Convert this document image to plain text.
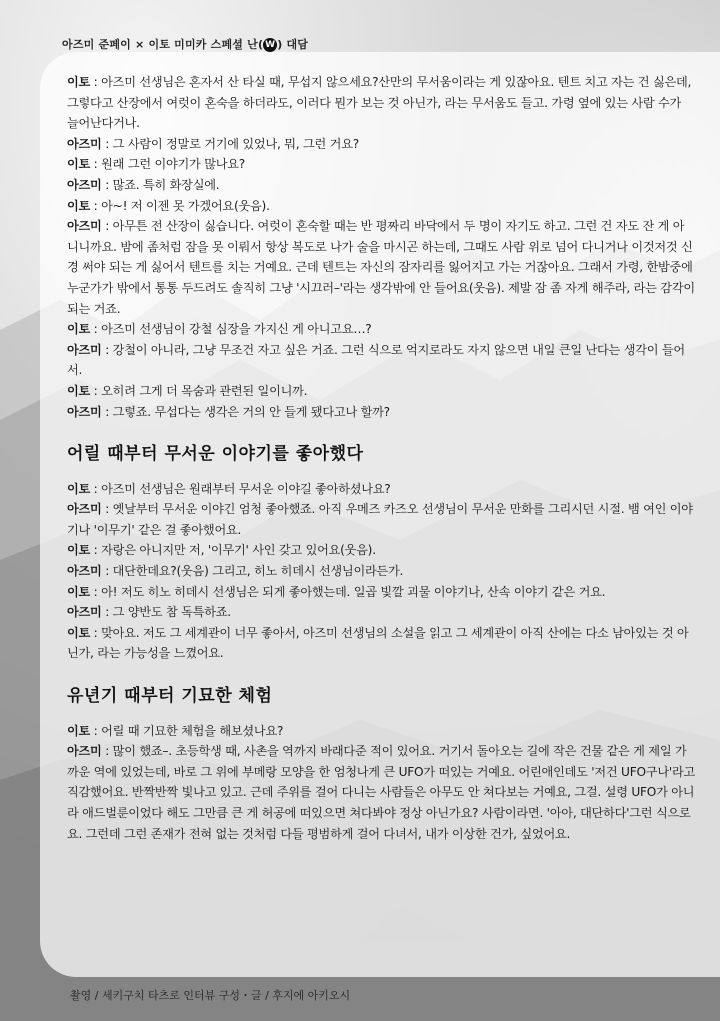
아즈미 준페이 × 이토 미미카 스페셜 난( W ) 대담

이토 : 아즈미 선생님은 혼자서 산 타실 때, 무섭지 않으세요?산만의 무서움이라는 게 있잖아요. 텐트 치고 자는 건 싫은데, 그렇다고 산장에서 여럿이 혼숙을 하더라도, 이러다 뭔가 보는 것 아닌가, 라는 무서움도 들고. 가령 옆에 있는 사람 수가 늘어난다거나.

아즈미 : 그 사람이 정말로 거기에 있었나, 뭐, 그런 거요?

이토 : 원래 그런 이야기가 많나요?

아즈미 : 많죠. 특히 화장실에.

이토 : 아~! 저 이젠 못 가겠어요(웃음).

아즈미 : 아무튼 전 산장이 싫습니다. 여럿이 혼숙할 때는 반 평짜리 바닥에서 두 명이 자기도 하고. 그런 건 자도 잔 게 아니니까요. 밤에 좀처럼 잠을 못 이뤄서 항상 복도로 나가 술을 마시곤 하는데, 그때도 사람 위로 넘어 다니거나 이것저것 신경 써야 되는 게 싫어서 텐트를 치는 거예요. 근데 텐트는 자신의 잠자리를 잃어지고 가는 거잖아요. 그래서 가령, 한밤중에 누군가가 밖에서 통통 두드려도 솔직히 그냥 '시끄러–'라는 생각밖에 안 들어요(웃음). 제발 잠 좀 자게 해주라, 라는 감각이 되는 거죠.

이토 : 아즈미 선생님이 강철 심장을 가지신 게 아니고요…?

아즈미 : 강철이 아니라, 그냥 무조건 자고 싶은 거죠. 그런 식으로 억지로라도 자지 않으면 내일 큰일 난다는 생각이 들어서.

이토 : 오히려 그게 더 목숨과 관련된 일이니까.

아즈미 : 그렇죠. 무섭다는 생각은 거의 안 들게 됐다고나 할까?

어릴 때부터 무서운 이야기를 좋아했다

이토 : 아즈미 선생님은 원래부터 무서운 이야길 좋아하셨나요?

아즈미 : 옛날부터 무서운 이야긴 엄청 좋아했죠. 아직 우메즈 카즈오 선생님이 무서운 만화를 그리시던 시절. 뱀 여인 이야기나 '이무기' 같은 걸 좋아했어요.

이토 : 자랑은 아니지만 저, '이무기' 사인 갖고 있어요(웃음).

아즈미 : 대단한데요?(웃음) 그리고, 히노 히데시 선생님이라든가.

이토 : 아! 저도 히노 히데시 선생님은 되게 좋아했는데. 일곱 빛깔 괴물 이야기나, 산속 이야기 같은 거요.

아즈미 : 그 양반도 참 독특하죠.

이토 : 맞아요. 저도 그 세계관이 너무 좋아서, 아즈미 선생님의 소설을 읽고 그 세계관이 아직 산에는 다소 남아있는 것 아닌가, 라는 가능성을 느꼈어요.

유년기 때부터 기묘한 체험

이토 : 어릴 때 기묘한 체험을 해보셨나요?

아즈미 : 많이 했죠–. 초등학생 때, 사촌을 역까지 바래다준 적이 있어요. 거기서 돌아오는 길에 작은 건물 같은 게 제일 가까운 역에 있었는데, 바로 그 위에 부메랑 모양을 한 엄청나게 큰 UFO가 떠있는 거예요. 어린애인데도 '저건 UFO구나'라고 직감했어요. 반짝반짝 빛나고 있고. 근데 주위를 걸어 다니는 사람들은 아무도 안 쳐다보는 거예요, 그걸. 설령 UFO가 아니라 애드벌룬이었다 해도 그만큼 큰 게 허공에 떠있으면 쳐다봐야 정상 아닌가요? 사람이라면. '아아, 대단하다'그런 식으로요. 그런데 그런 존재가 전혀 없는 것처럼 다들 평범하게 걸어 다녀서, 내가 이상한 건가, 싶었어요.

촬영 / 세키구치 타츠로 인터뷰 구성・글 / 후지에 아키오시
